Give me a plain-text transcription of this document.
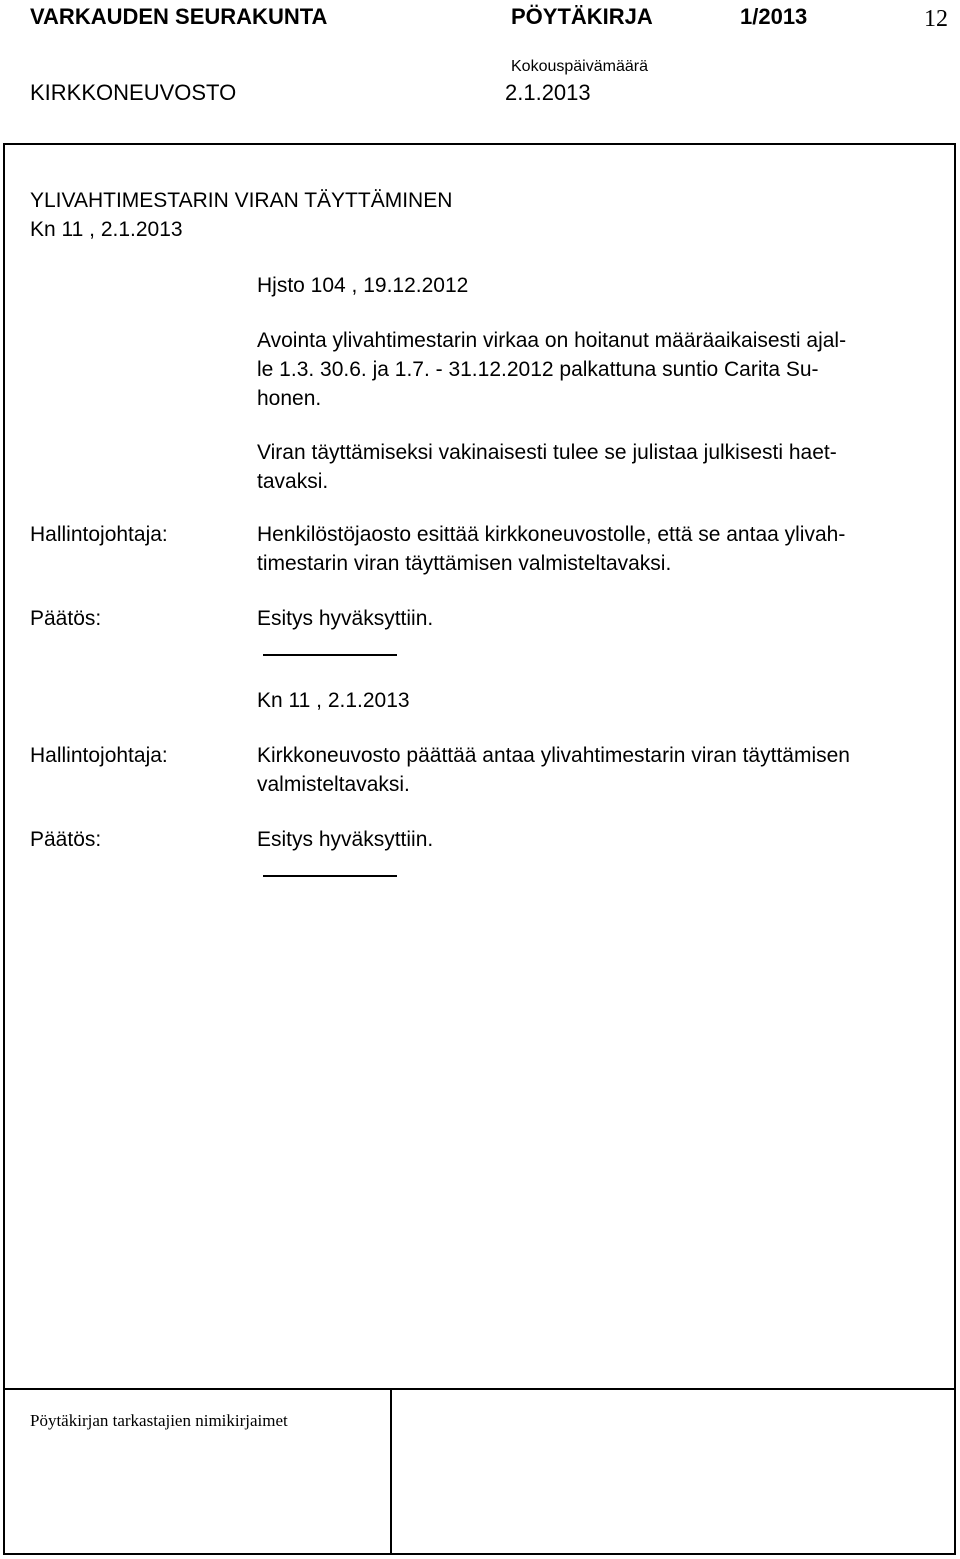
VARKAUDEN SEURAKUNTA	PÖYTÄKIRJA	1/2013	12
KIRKKONEUVOSTO
Kokouspäivämäärä
2.1.2013
YLIVAHTIMESTARIN VIRAN TÄYTTÄMINEN
Kn 11 , 2.1.2013
Hjsto 104 , 19.12.2012
Avointa ylivahtimestarin virkaa on hoitanut määräaikaisesti ajal-
le 1.3. 30.6. ja 1.7. - 31.12.2012 palkattuna suntio Carita Su-
honen.
Viran täyttämiseksi vakinaisesti tulee se julistaa julkisesti haet-
tavaksi.
Hallintojohtaja:	Henkilöstöjaosto esittää kirkkoneuvostolle, että se antaa ylivah-
timestarin viran täyttämisen valmisteltavaksi.
Päätös:	Esitys hyväksyttiin.
Kn 11 , 2.1.2013
Hallintojohtaja:	Kirkkoneuvosto päättää antaa ylivahtimestarin viran täyttämisen
valmisteltavaksi.
Päätös:	Esitys hyväksyttiin.
Pöytäkirjan tarkastajien nimikirjaimet
